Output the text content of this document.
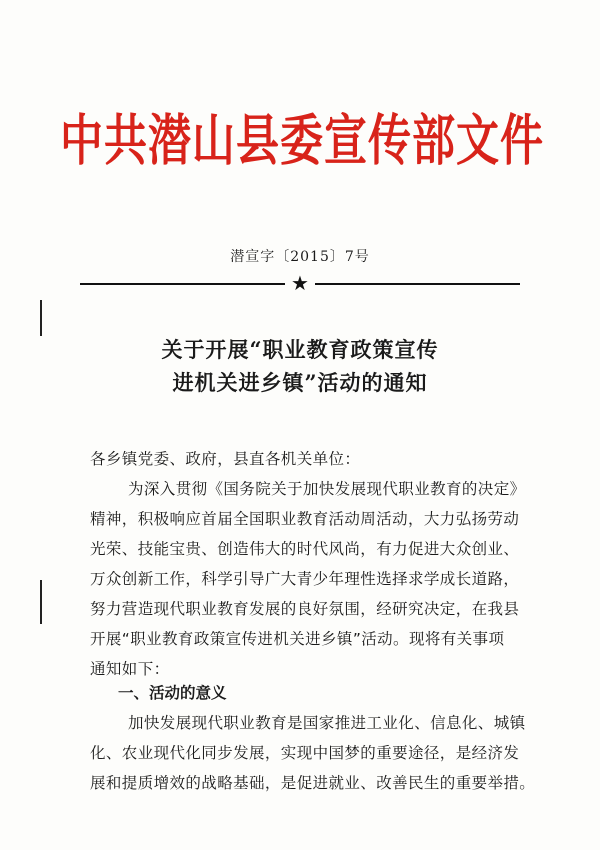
中共潜山县委宣传部文件
潜宣字〔2015〕7号
★
关于开展“职业教育政策宣传
进机关进乡镇”活动的通知
各乡镇党委、政府，县直各机关单位：
为深入贯彻《国务院关于加快发展现代职业教育的决定》
精神，积极响应首届全国职业教育活动周活动，大力弘扬劳动
光荣、技能宝贵、创造伟大的时代风尚，有力促进大众创业、
万众创新工作，科学引导广大青少年理性选择求学成长道路，
努力营造现代职业教育发展的良好氛围，经研究决定，在我县
开展“职业教育政策宣传进机关进乡镇”活动。现将有关事项
通知如下：
一、活动的意义
加快发展现代职业教育是国家推进工业化、信息化、城镇
化、农业现代化同步发展，实现中国梦的重要途径，是经济发
展和提质增效的战略基础，是促进就业、改善民生的重要举措。
